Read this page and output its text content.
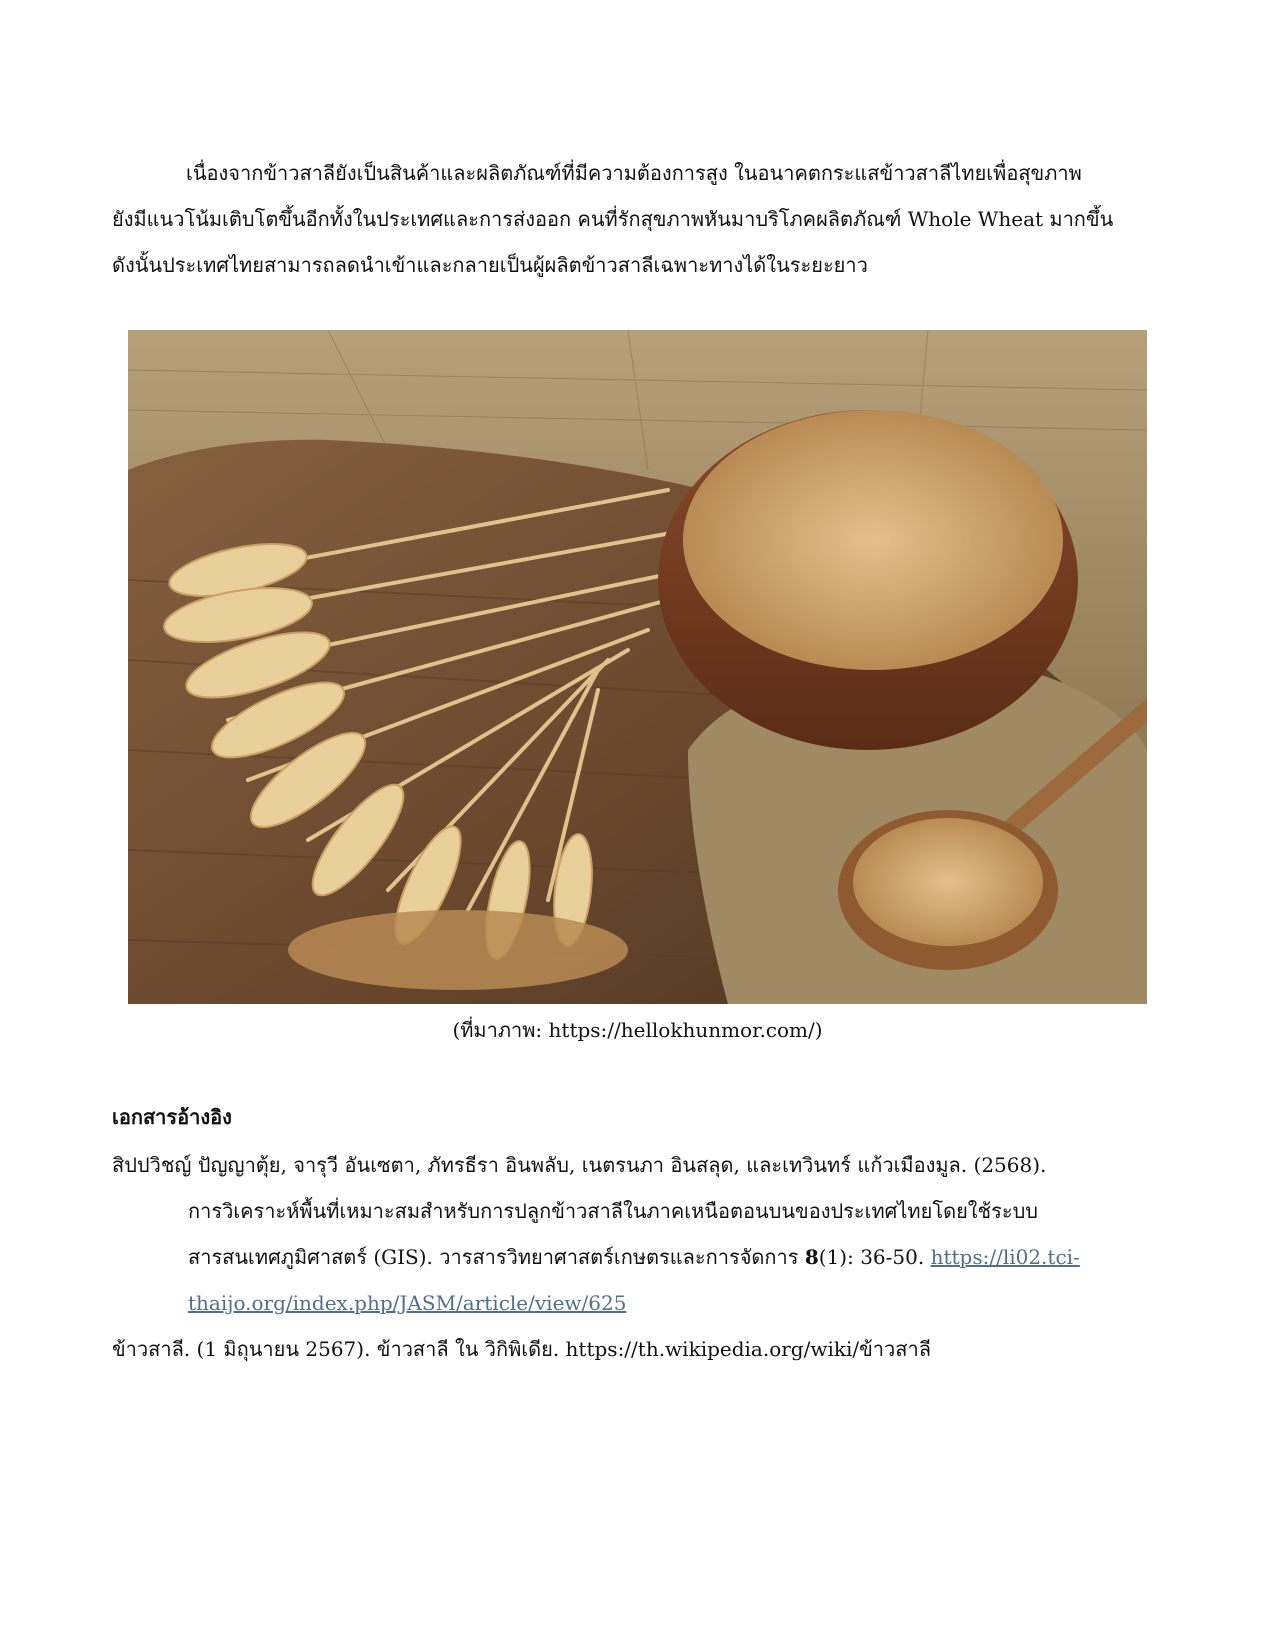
เนื่องจากข้าวสาลียังเป็นสินค้าและผลิตภัณฑ์ที่มีความต้องการสูง ในอนาคตกระแสข้าวสาลีไทยเพื่อสุขภาพ
ยังมีแนวโน้มเติบโตขึ้นอีกทั้งในประเทศและการส่งออก คนที่รักสุขภาพหันมาบริโภคผลิตภัณฑ์ Whole Wheat มากขึ้น
ดังนั้นประเทศไทยสามารถลดนำเข้าและกลายเป็นผู้ผลิตข้าวสาลีเฉพาะทางได้ในระยะยาว
(ที่มาภาพ: https://hellokhunmor.com/)
เอกสารอ้างอิง
สิปปวิชญ์ ปัญญาตุ้ย, จารุวี อันเซตา, ภัทรธีรา อินพลับ, เนตรนภา อินสลุด, และเทวินทร์ แก้วเมืองมูล. (2568).
การวิเคราะห์พื้นที่เหมาะสมสำหรับการปลูกข้าวสาลีในภาคเหนือตอนบนของประเทศไทยโดยใช้ระบบ
สารสนเทศภูมิศาสตร์ (GIS). วารสารวิทยาศาสตร์เกษตรและการจัดการ 8(1): 36-50. https://li02.tci-
thaijo.org/index.php/JASM/article/view/625
ข้าวสาลี. (1 มิถุนายน 2567). ข้าวสาลี ใน วิกิพิเดีย. https://th.wikipedia.org/wiki/ข้าวสาลี
